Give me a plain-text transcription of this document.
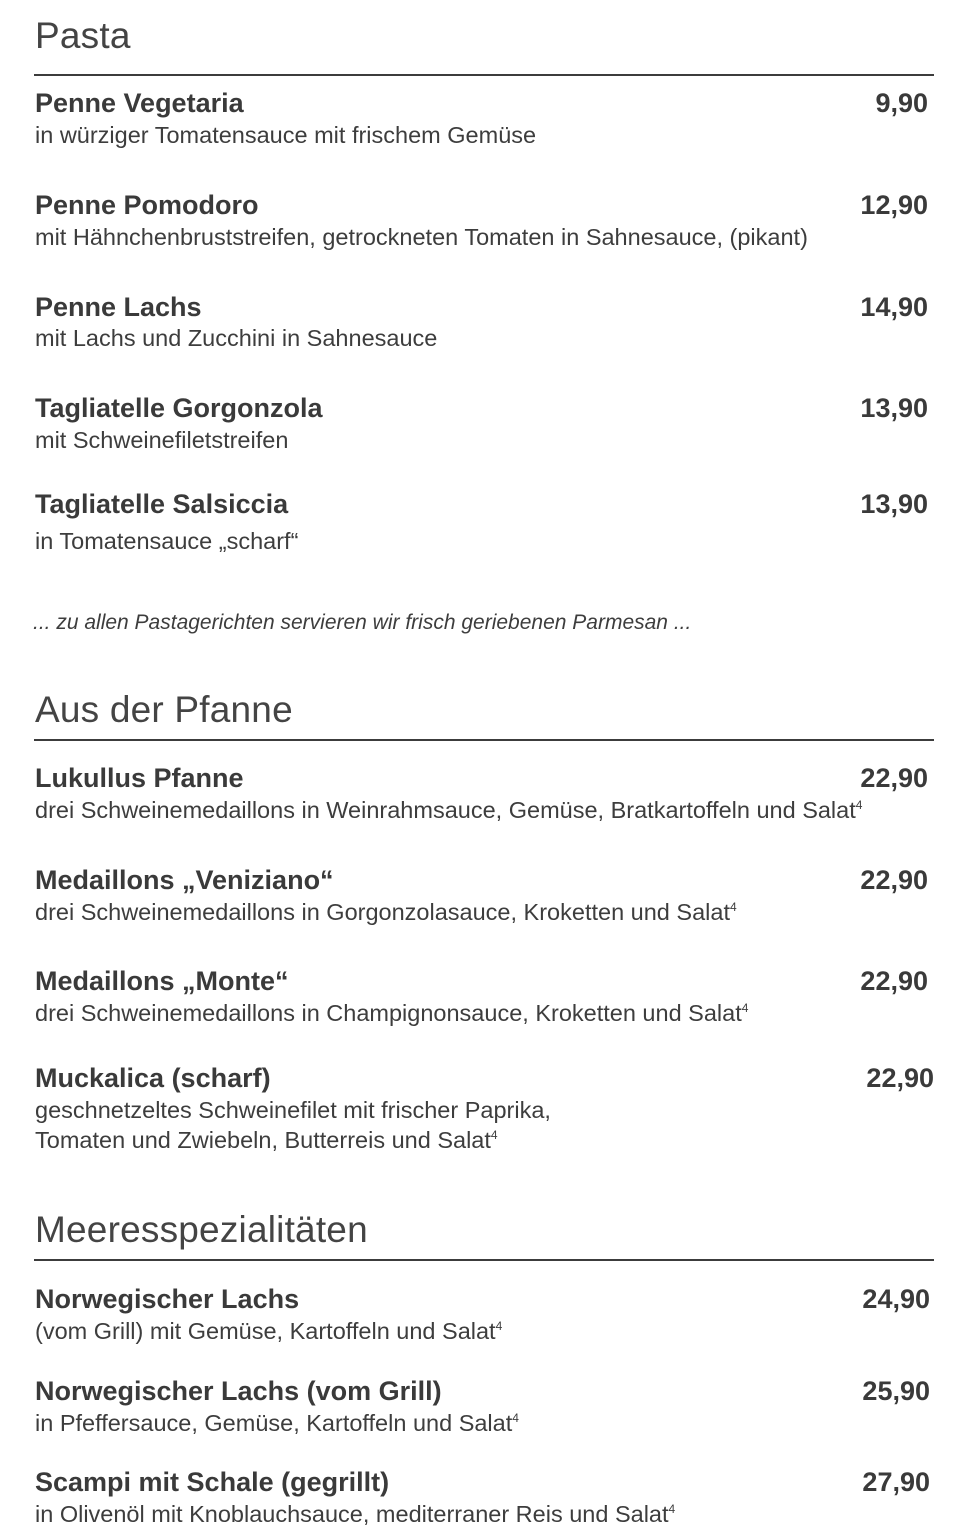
Pasta
Penne Vegetaria	9,90
in würziger Tomatensauce mit frischem Gemüse
Penne Pomodoro	12,90
mit Hähnchenbruststreifen, getrockneten Tomaten in Sahnesauce, (pikant)
Penne Lachs	14,90
mit Lachs und Zucchini in Sahnesauce
Tagliatelle Gorgonzola	13,90
mit Schweinefiletstreifen
Tagliatelle Salsiccia	13,90
in Tomatensauce „scharf“
... zu allen Pastagerichten servieren wir frisch geriebenen Parmesan ...
Aus der Pfanne
Lukullus Pfanne	22,90
drei Schweinemedaillons in Weinrahmsauce, Gemüse, Bratkartoffeln und Salat$^4$
Medaillons „Veniziano“	22,90
drei Schweinemedaillons in Gorgonzolasauce, Kroketten und Salat$^4$
Medaillons „Monte“	22,90
drei Schweinemedaillons in Champignonsauce, Kroketten und Salat$^4$
Muckalica (scharf)	22,90
geschnetzeltes Schweinefilet mit frischer Paprika,
Tomaten und Zwiebeln, Butterreis und Salat$^4$
Meeresspezialitäten
Norwegischer Lachs	24,90
(vom Grill) mit Gemüse, Kartoffeln und Salat$^4$
Norwegischer Lachs (vom Grill)	25,90
in Pfeffersauce, Gemüse, Kartoffeln und Salat$^4$
Scampi mit Schale (gegrillt)	27,90
in Olivenöl mit Knoblauchsauce, mediterraner Reis und Salat$^4$
